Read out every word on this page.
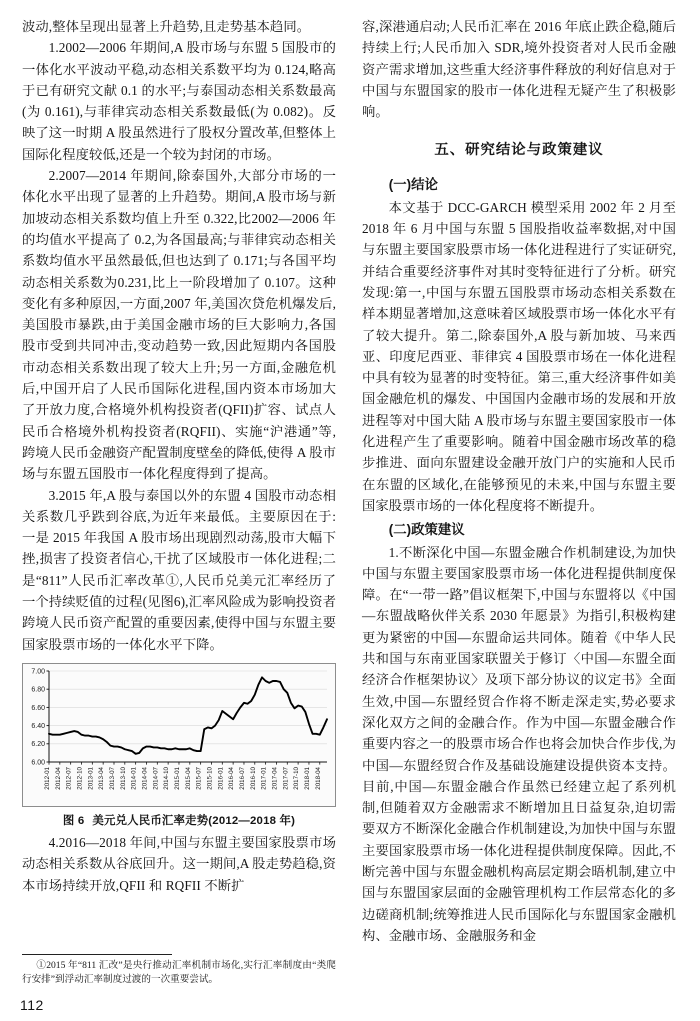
波动,整体呈现出显著上升趋势,且走势基本趋同。

1.2002—2006 年期间,A 股市场与东盟 5 国股市的一体化水平波动平稳,动态相关系数平均为 0.124,略高于已有研究文献 0.1 的水平;与泰国动态相关系数最高(为 0.161),与菲律宾动态相关系数最低(为 0.082)。反映了这一时期 A 股虽然进行了股权分置改革,但整体上国际化程度较低,还是一个较为封闭的市场。

2.2007—2014 年期间,除泰国外,大部分市场的一体化水平出现了显著的上升趋势。期间,A 股市场与新加坡动态相关系数均值上升至 0.322,比2002—2006 年的均值水平提高了 0.2,为各国最高;与菲律宾动态相关系数均值水平虽然最低,但也达到了 0.171;与各国平均动态相关系数为0.231,比上一阶段增加了 0.107。这种变化有多种原因,一方面,2007 年,美国次贷危机爆发后,美国股市暴跌,由于美国金融市场的巨大影响力,各国股市受到共同冲击,变动趋势一致,因此短期内各国股市动态相关系数出现了较大上升;另一方面,金融危机后,中国开启了人民币国际化进程,国内资本市场加大了开放力度,合格境外机构投资者(QFII)扩容、试点人民币合格境外机构投资者(RQFII)、实施“沪港通”等,跨境人民币金融资产配置制度壁垒的降低,使得 A 股市场与东盟五国股市一体化程度得到了提高。

3.2015 年,A 股与泰国以外的东盟 4 国股市动态相关系数几乎跌到谷底,为近年来最低。主要原因在于:一是 2015 年我国 A 股市场出现剧烈动荡,股市大幅下挫,损害了投资者信心,干扰了区域股市一体化进程;二是“811”人民币汇率改革①,人民币兑美元汇率经历了一个持续贬值的过程(见图6),汇率风险成为影响投资者跨境人民币资产配置的重要因素,使得中国与东盟主要国家股票市场的一体化水平下降。

6.00
6.20
6.40
6.60
6.80
7.00
2012-01 2012-04 2012-07 2012-10 2013-01 2013-04 2013-07 2013-10 2014-01 2014-04 2014-07 2014-10 2015-01 2015-04 2015-07 2015-10 2016-01 2016-04 2016-07 2016-10 2017-01 2017-04 2017-07 2017-10 2018-01 2018-04
图 6 美元兑人民币汇率走势(2012—2018 年)

4.2016—2018 年间,中国与东盟主要国家股票市场动态相关系数从谷底回升。这一期间,A 股走势趋稳,资本市场持续开放,QFII 和 RQFII 不断扩

容,深港通启动;人民币汇率在 2016 年底止跌企稳,随后持续上行;人民币加入 SDR,境外投资者对人民币金融资产需求增加,这些重大经济事件释放的利好信息对于中国与东盟国家的股市一体化进程无疑产生了积极影响。

五、研究结论与政策建议
(一)结论

本文基于 DCC-GARCH 模型采用 2002 年 2 月至 2018 年 6 月中国与东盟 5 国股指收益率数据,对中国与东盟主要国家股票市场一体化进程进行了实证研究,并结合重要经济事件对其时变特征进行了分析。研究发现:第一,中国与东盟五国股票市场动态相关系数在样本期显著增加,这意味着区域股票市场一体化水平有了较大提升。第二,除泰国外,A 股与新加坡、马来西亚、印度尼西亚、菲律宾 4 国股票市场在一体化进程中具有较为显著的时变特征。第三,重大经济事件如美国金融危机的爆发、中国国内金融市场的发展和开放进程等对中国大陆 A 股市场与东盟主要国家股市一体化进程产生了重要影响。随着中国金融市场改革的稳步推进、面向东盟建设金融开放门户的实施和人民币在东盟的区域化,在能够预见的未来,中国与东盟主要国家股票市场的一体化程度将不断提升。

(二)政策建议

1.不断深化中国—东盟金融合作机制建设,为加快中国与东盟主要国家股票市场一体化进程提供制度保障。在“一带一路”倡议框架下,中国与东盟将以《中国—东盟战略伙伴关系 2030 年愿景》为指引,积极构建更为紧密的中国—东盟命运共同体。随着《中华人民共和国与东南亚国家联盟关于修订〈中国—东盟全面经济合作框架协议〉及项下部分协议的议定书》全面生效,中国—东盟经贸合作将不断走深走实,势必要求深化双方之间的金融合作。作为中国—东盟金融合作重要内容之一的股票市场合作也将会加快合作步伐,为中国—东盟经贸合作及基础设施建设提供资本支持。目前,中国—东盟金融合作虽然已经建立起了系列机制,但随着双方金融需求不断增加且日益复杂,迫切需要双方不断深化金融合作机制建设,为加快中国与东盟主要国家股票市场一体化进程提供制度保障。因此,不断完善中国与东盟金融机构高层定期会晤机制,建立中国与东盟国家层面的金融管理机构工作层常态化的多边磋商机制;统筹推进人民币国际化与东盟国家金融机构、金融市场、金融服务和金

①2015 年“811 汇改”是央行推动汇率机制市场化,实行汇率制度由“类爬行安排”到浮动汇率制度过渡的一次重要尝试。

112
